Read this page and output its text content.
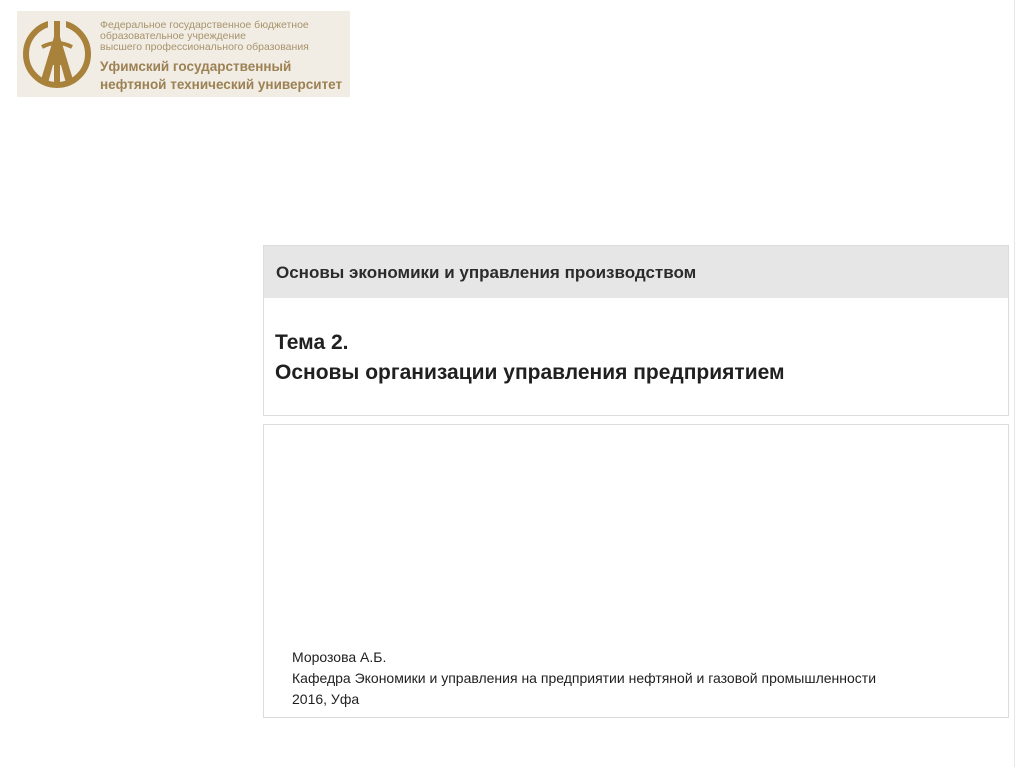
Федеральное государственное бюджетное
образовательное учреждение
высшего профессионального образования
Уфимский государственный
нефтяной технический университет
Основы экономики и управления производством
Тема 2.
Основы организации управления предприятием
Морозова А.Б.
Кафедра Экономики и управления на предприятии нефтяной и газовой промышленности
2016, Уфа
